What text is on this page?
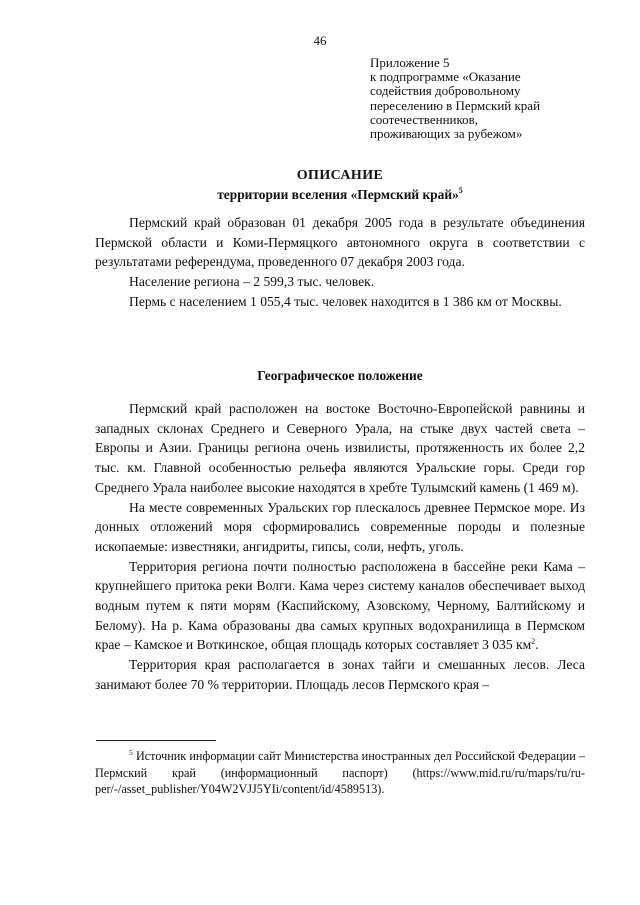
46
Приложение 5
к подпрограмме «Оказание
содействия добровольному
переселению в Пермский край
соотечественников,
проживающих за рубежом»
ОПИСАНИЕ
территории вселения «Пермский край»$^5$

Пермский край образован 01 декабря 2005 года в результате объединения Пермской области и Коми-Пермяцкого автономного округа в соответствии с результатами референдума, проведенного 07 декабря 2003 года.

Население региона – 2 599,3 тыс. человек.

Пермь с населением 1 055,4 тыс. человек находится в 1 386 км от Москвы.

Географическое положение

Пермский край расположен на востоке Восточно-Европейской равнины и западных склонах Среднего и Северного Урала, на стыке двух частей света – Европы и Азии. Границы региона очень извилисты, протяженность их более 2,2 тыс. км. Главной особенностью рельефа являются Уральские горы. Среди гор Среднего Урала наиболее высокие находятся в хребте Тулымский камень (1 469 м).

На месте современных Уральских гор плескалось древнее Пермское море. Из донных отложений моря сформировались современные породы и полезные ископаемые: известняки, ангидриты, гипсы, соли, нефть, уголь.

Территория региона почти полностью расположена в бассейне реки Кама – крупнейшего притока реки Волги. Кама через систему каналов обеспечивает выход водным путем к пяти морям (Каспийскому, Азовскому, Черному, Балтийскому и Белому). На р. Кама образованы два самых крупных водохранилища в Пермском крае – Камское и Воткинское, общая площадь которых составляет 3 035 $км^2$.

Территория края располагается в зонах тайги и смешанных лесов. Леса занимают более 70 % территории. Площадь лесов Пермского края –

$^5$ Источник информации сайт Министерства иностранных дел Российской Федерации – Пермский край (информационный паспорт) (https://www.mid.ru/ru/maps/ru/ru-per/-/asset_publisher/Y04W2VJJ5YIi/content/id/4589513).
